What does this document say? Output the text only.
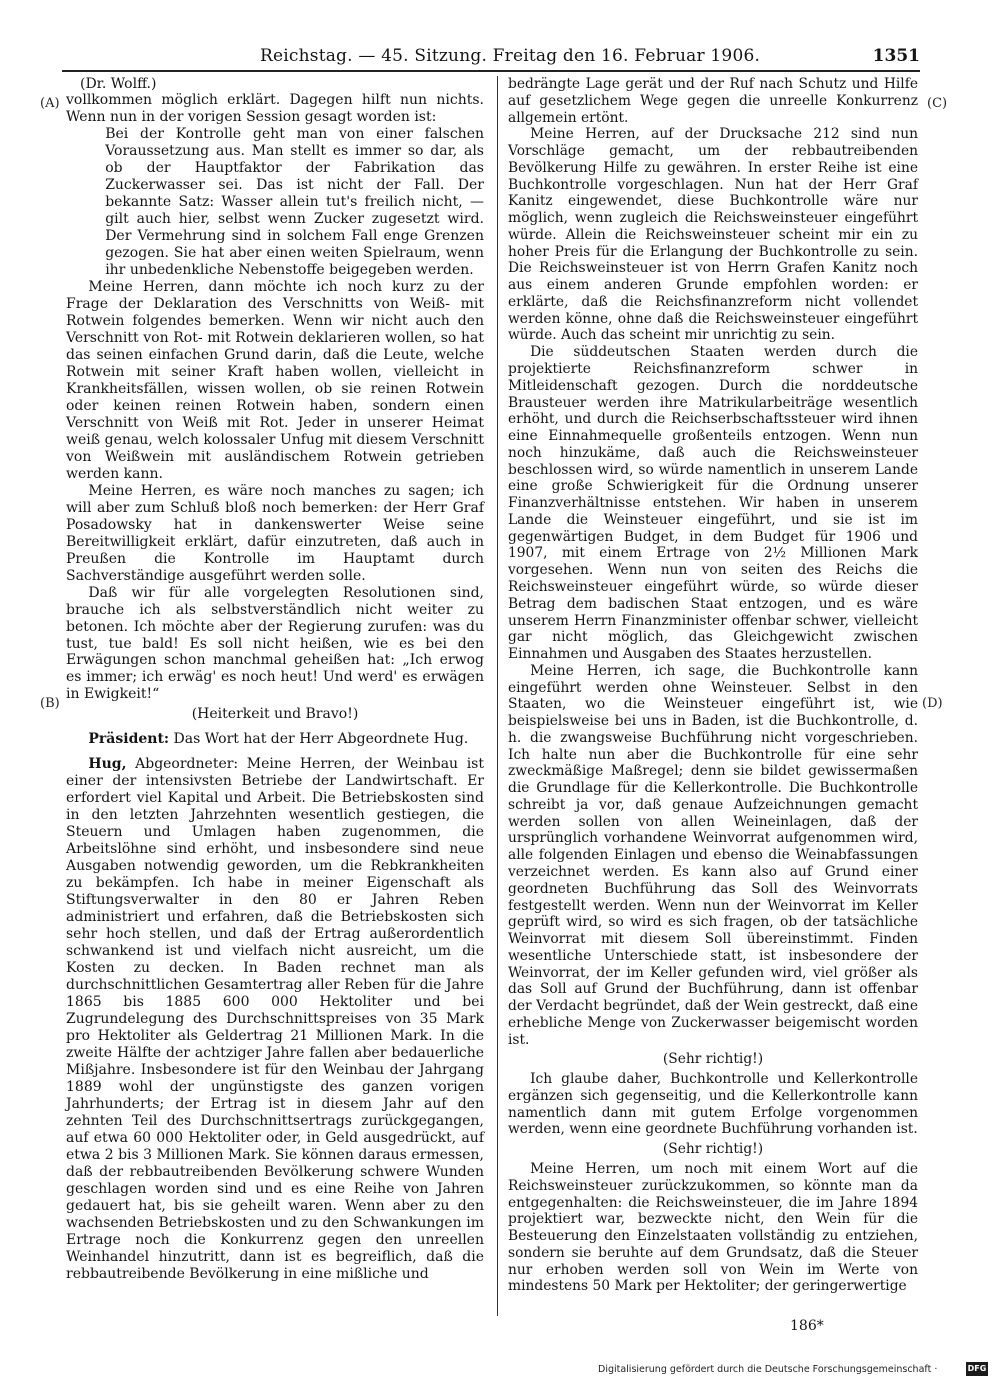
Reichstag. — 45. Sitzung. Freitag den 16. Februar 1906.	1351
(A)
(B)
(C)
(D)
(Dr. Wolff.)

vollkommen möglich erklärt. Dagegen hilft nun nichts. Wenn nun in der vorigen Session gesagt worden ist:

Bei der Kontrolle geht man von einer falschen Voraussetzung aus. Man stellt es immer so dar, als ob der Hauptfaktor der Fabrikation das Zuckerwasser sei. Das ist nicht der Fall. Der bekannte Satz: Wasser allein tut's freilich nicht, — gilt auch hier, selbst wenn Zucker zugesetzt wird. Der Vermehrung sind in solchem Fall enge Grenzen gezogen. Sie hat aber einen weiten Spielraum, wenn ihr unbedenkliche Nebenstoffe beigegeben werden.

Meine Herren, dann möchte ich noch kurz zu der Frage der Deklaration des Verschnitts von Weiß- mit Rotwein folgendes bemerken. Wenn wir nicht auch den Verschnitt von Rot- mit Rotwein deklarieren wollen, so hat das seinen einfachen Grund darin, daß die Leute, welche Rotwein mit seiner Kraft haben wollen, vielleicht in Krankheitsfällen, wissen wollen, ob sie reinen Rotwein oder keinen reinen Rotwein haben, sondern einen Verschnitt von Weiß mit Rot. Jeder in unserer Heimat weiß genau, welch kolossaler Unfug mit diesem Verschnitt von Weißwein mit ausländischem Rotwein getrieben werden kann.

Meine Herren, es wäre noch manches zu sagen; ich will aber zum Schluß bloß noch bemerken: der Herr Graf Posadowsky hat in dankenswerter Weise seine Bereitwilligkeit erklärt, dafür einzutreten, daß auch in Preußen die Kontrolle im Hauptamt durch Sachverständige ausgeführt werden solle.

Daß wir für alle vorgelegten Resolutionen sind, brauche ich als selbstverständlich nicht weiter zu betonen. Ich möchte aber der Regierung zurufen: was du tust, tue bald! Es soll nicht heißen, wie es bei den Erwägungen schon manchmal geheißen hat: „Ich erwog es immer; ich erwäg' es noch heut! Und werd' es erwägen in Ewigkeit!“

(Heiterkeit und Bravo!)

Präsident: Das Wort hat der Herr Abgeordnete Hug.

Hug, Abgeordneter: Meine Herren, der Weinbau ist einer der intensivsten Betriebe der Landwirtschaft. Er erfordert viel Kapital und Arbeit. Die Betriebskosten sind in den letzten Jahrzehnten wesentlich gestiegen, die Steuern und Umlagen haben zugenommen, die Arbeitslöhne sind erhöht, und insbesondere sind neue Ausgaben notwendig geworden, um die Rebkrankheiten zu bekämpfen. Ich habe in meiner Eigenschaft als Stiftungsverwalter in den 80 er Jahren Reben administriert und erfahren, daß die Betriebskosten sich sehr hoch stellen, und daß der Ertrag außerordentlich schwankend ist und vielfach nicht ausreicht, um die Kosten zu decken. In Baden rechnet man als durchschnittlichen Gesamtertrag aller Reben für die Jahre 1865 bis 1885 600 000 Hektoliter und bei Zugrundelegung des Durchschnittspreises von 35 Mark pro Hektoliter als Geldertrag 21 Millionen Mark. In die zweite Hälfte der achtziger Jahre fallen aber bedauerliche Mißjahre. Insbesondere ist für den Weinbau der Jahrgang 1889 wohl der ungünstigste des ganzen vorigen Jahrhunderts; der Ertrag ist in diesem Jahr auf den zehnten Teil des Durchschnittsertrags zurückgegangen, auf etwa 60 000 Hektoliter oder, in Geld ausgedrückt, auf etwa 2 bis 3 Millionen Mark. Sie können daraus ermessen, daß der rebbautreibenden Bevölkerung schwere Wunden geschlagen worden sind und es eine Reihe von Jahren gedauert hat, bis sie geheilt waren. Wenn aber zu den wachsenden Betriebskosten und zu den Schwankungen im Ertrage noch die Konkurrenz gegen den unreellen Weinhandel hinzutritt, dann ist es begreiflich, daß die rebbautreibende Bevölkerung in eine mißliche und

bedrängte Lage gerät und der Ruf nach Schutz und Hilfe auf gesetzlichem Wege gegen die unreelle Konkurrenz allgemein ertönt.

Meine Herren, auf der Drucksache 212 sind nun Vorschläge gemacht, um der rebbautreibenden Bevölkerung Hilfe zu gewähren. In erster Reihe ist eine Buchkontrolle vorgeschlagen. Nun hat der Herr Graf Kanitz eingewendet, diese Buchkontrolle wäre nur möglich, wenn zugleich die Reichsweinsteuer eingeführt würde. Allein die Reichsweinsteuer scheint mir ein zu hoher Preis für die Erlangung der Buchkontrolle zu sein. Die Reichsweinsteuer ist von Herrn Grafen Kanitz noch aus einem anderen Grunde empfohlen worden: er erklärte, daß die Reichsfinanzreform nicht vollendet werden könne, ohne daß die Reichsweinsteuer eingeführt würde. Auch das scheint mir unrichtig zu sein.

Die süddeutschen Staaten werden durch die projektierte Reichsfinanzreform schwer in Mitleidenschaft gezogen. Durch die norddeutsche Brausteuer werden ihre Matrikularbeiträge wesentlich erhöht, und durch die Reichserbschaftssteuer wird ihnen eine Einnahmequelle großenteils entzogen. Wenn nun noch hinzukäme, daß auch die Reichsweinsteuer beschlossen wird, so würde namentlich in unserem Lande eine große Schwierigkeit für die Ordnung unserer Finanzverhältnisse entstehen. Wir haben in unserem Lande die Weinsteuer eingeführt, und sie ist im gegenwärtigen Budget, in dem Budget für 1906 und 1907, mit einem Ertrage von 2½ Millionen Mark vorgesehen. Wenn nun von seiten des Reichs die Reichsweinsteuer eingeführt würde, so würde dieser Betrag dem badischen Staat entzogen, und es wäre unserem Herrn Finanzminister offenbar schwer, vielleicht gar nicht möglich, das Gleichgewicht zwischen Einnahmen und Ausgaben des Staates herzustellen.

Meine Herren, ich sage, die Buchkontrolle kann eingeführt werden ohne Weinsteuer. Selbst in den Staaten, wo die Weinsteuer eingeführt ist, wie beispielsweise bei uns in Baden, ist die Buchkontrolle, d. h. die zwangsweise Buchführung nicht vorgeschrieben. Ich halte nun aber die Buchkontrolle für eine sehr zweckmäßige Maßregel; denn sie bildet gewissermaßen die Grundlage für die Kellerkontrolle. Die Buchkontrolle schreibt ja vor, daß genaue Aufzeichnungen gemacht werden sollen von allen Weineinlagen, daß der ursprünglich vorhandene Weinvorrat aufgenommen wird, alle folgenden Einlagen und ebenso die Weinabfassungen verzeichnet werden. Es kann also auf Grund einer geordneten Buchführung das Soll des Weinvorrats festgestellt werden. Wenn nun der Weinvorrat im Keller geprüft wird, so wird es sich fragen, ob der tatsächliche Weinvorrat mit diesem Soll übereinstimmt. Finden wesentliche Unterschiede statt, ist insbesondere der Weinvorrat, der im Keller gefunden wird, viel größer als das Soll auf Grund der Buchführung, dann ist offenbar der Verdacht begründet, daß der Wein gestreckt, daß eine erhebliche Menge von Zuckerwasser beigemischt worden ist.

(Sehr richtig!)

Ich glaube daher, Buchkontrolle und Kellerkontrolle ergänzen sich gegenseitig, und die Kellerkontrolle kann namentlich dann mit gutem Erfolge vorgenommen werden, wenn eine geordnete Buchführung vorhanden ist.

(Sehr richtig!)

Meine Herren, um noch mit einem Wort auf die Reichsweinsteuer zurückzukommen, so könnte man da entgegenhalten: die Reichsweinsteuer, die im Jahre 1894 projektiert war, bezweckte nicht, den Wein für die Besteuerung den Einzelstaaten vollständig zu entziehen, sondern sie beruhte auf dem Grundsatz, daß die Steuer nur erhoben werden soll von Wein im Werte von mindestens 50 Mark per Hektoliter; der geringerwertige

186*
Digitalisierung gefördert durch die Deutsche Forschungsgemeinschaft ·	DFG
